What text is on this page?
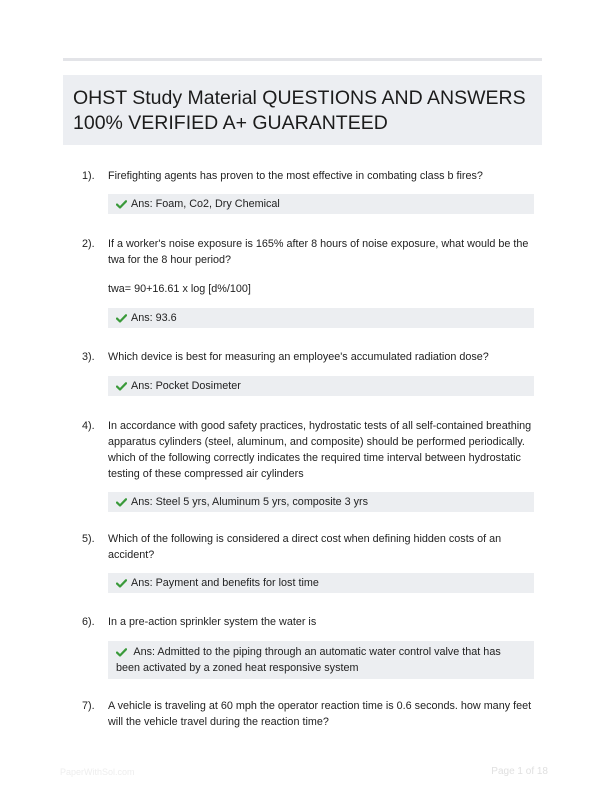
OHST Study Material QUESTIONS AND ANSWERS 100% VERIFIED A+ GUARANTEED
1). Firefighting agents has proven to the most effective in combating class b fires?

Ans: Foam, Co2, Dry Chemical
2). If a worker's noise exposure is 165% after 8 hours of noise exposure, what would be the twa for the 8 hour period?

twa= 90+16.61 x log [d%/100]

Ans: 93.6
3). Which device is best for measuring an employee's accumulated radiation dose?

Ans: Pocket Dosimeter
4). In accordance with good safety practices, hydrostatic tests of all self-contained breathing apparatus cylinders (steel, aluminum, and composite) should be performed periodically. which of the following correctly indicates the required time interval between hydrostatic testing of these compressed air cylinders

Ans: Steel 5 yrs, Aluminum 5 yrs, composite 3 yrs
5). Which of the following is considered a direct cost when defining hidden costs of an accident?

Ans: Payment and benefits for lost time
6). In a pre-action sprinkler system the water is

Ans: Admitted to the piping through an automatic water control valve that has been activated by a zoned heat responsive system
7). A vehicle is traveling at 60 mph the operator reaction time is 0.6 seconds. how many feet will the vehicle travel during the reaction time?

PaperWithSol.com	Page 1 of 18
